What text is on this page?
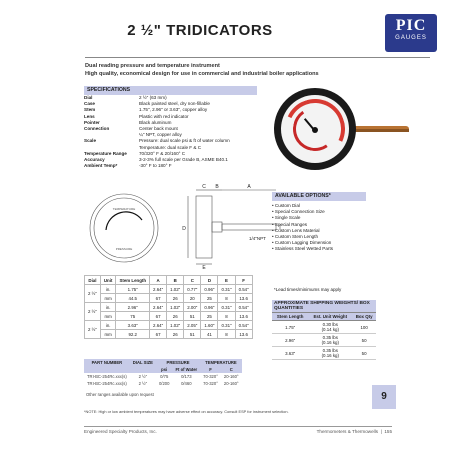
2 ½" TRIDICATORS	PIC
GAUGES
Dual reading pressure and temperature instrument
High quality, economical design for use in commercial and industrial boiler applications
SPECIFICATIONS
Dial	2 ½" (63 mm)
Case	Black painted steel, dry non-fillable
Stem	1.75", 2.96" or 3.63", copper alloy
Lens	Plastic with red indicator
Pointer	Black aluminum
Connection	Center back mount
¼" NPT, copper alloy
Scale	Pressure: dual scale psi & ft of water column
Temperature: dual scale F & C
Temperature Range	70/320° F & 20/160° C
Accuracy	3-2-3% full scale per Grade B, ASME B40.1
Ambient Temp*	-30° F to 180° F
C B	A
D
E
1/4"NPT
TEMPERATURE
PRESSURE
AVAILABLE OPTIONS*
• Custom Dial
• Special Connection Size
• Single Scale
• Special Ranges
• Custom Lens Material
• Custom Stem Length
• Custom Lagging Dimension
• Stainless Steel Wetted Parts
*Lead times/minimums may apply
Dial	Unit	Stem Length	A	B	C	D	E	F
2 ½"	in.	1.75"	2.64"	1.02"	0.77"	0.96"	0.31"	0.54"
	mm	44.5	67	26	20	25	8	13.6
2 ½"	in.	2.96"	2.64"	1.02"	2.00"	0.96"	0.31"	0.54"
	mm	75	67	26	51	25	8	13.6
2 ½"	in.	3.63"	2.64"	1.02"	2.05"	1.60"	0.31"	0.54"
	mm	92.2	67	26	51	41	8	13.6
APPROXIMATE SHIPPING WEIGHTS/ BOX QUANTITIES		
Stem Length	Est. Unit Weight	Box Qty
1.75"	0.30 lbs
(0.14 kg)	100
2.96"	0.35 lbs
(0.16 kg)	50
3.63"	0.35 lbs
(0.16 kg)	50
PART NUMBER	DIAL SIZE	PRESSURE		TEMPERATURE	
		psi	Ft of Water	F	C
TRI-BC-254Rc.xxx(s)	2 ½"	0/75	0/173	70-320°	20-160°
TRI-BC-254Rc.xxx(s)	2 ½"	0/200	0/460	70-320°	20-160°
Other ranges available upon request
*NOTE: High or low ambient temperatures may have adverse effect on accuracy. Consult ESP for instrument selection.
9
Engineered Specialty Products, Inc.	Thermometers & Thermowells  |  155
